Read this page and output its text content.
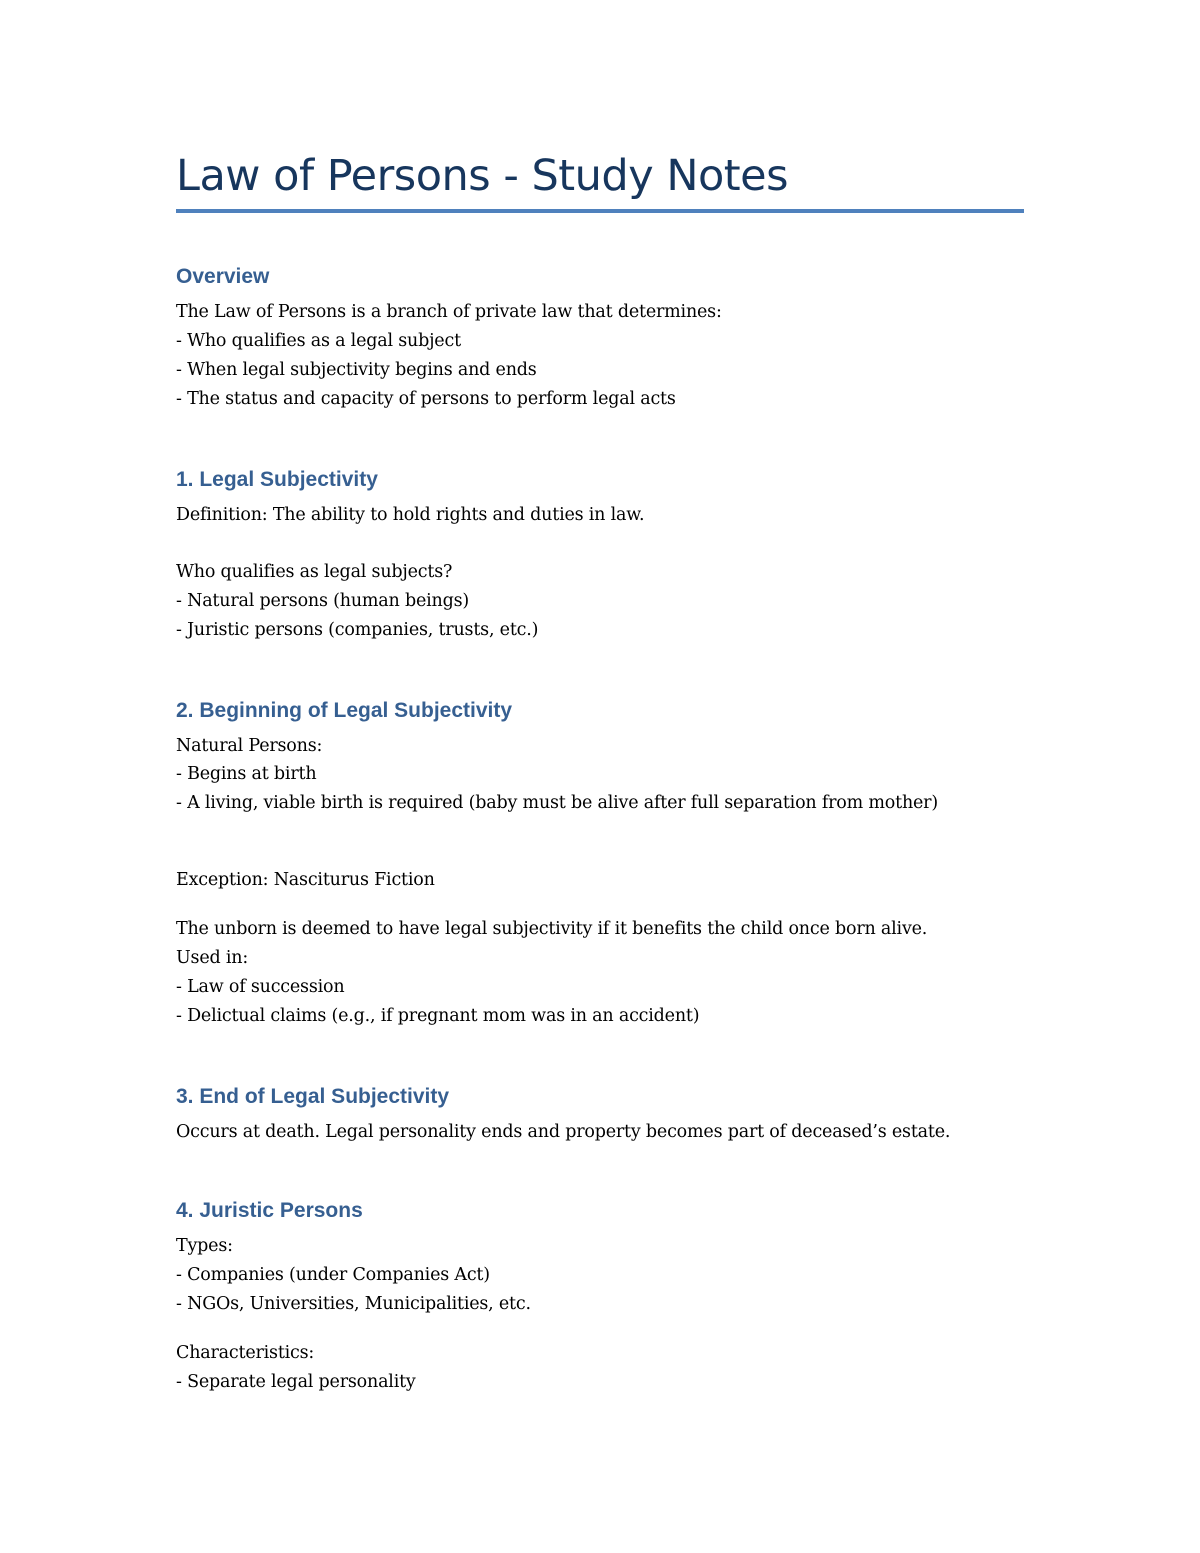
Law of Persons - Study Notes
Overview

The Law of Persons is a branch of private law that determines:

- Who qualifies as a legal subject

- When legal subjectivity begins and ends

- The status and capacity of persons to perform legal acts

1. Legal Subjectivity

Definition: The ability to hold rights and duties in law.

Who qualifies as legal subjects?

- Natural persons (human beings)

- Juristic persons (companies, trusts, etc.)

2. Beginning of Legal Subjectivity

Natural Persons:

- Begins at birth

- A living, viable birth is required (baby must be alive after full separation from mother)

Exception: Nasciturus Fiction

The unborn is deemed to have legal subjectivity if it benefits the child once born alive.

Used in:

- Law of succession

- Delictual claims (e.g., if pregnant mom was in an accident)

3. End of Legal Subjectivity

Occurs at death. Legal personality ends and property becomes part of deceased’s estate.

4. Juristic Persons

Types:

- Companies (under Companies Act)

- NGOs, Universities, Municipalities, etc.

Characteristics:

- Separate legal personality
